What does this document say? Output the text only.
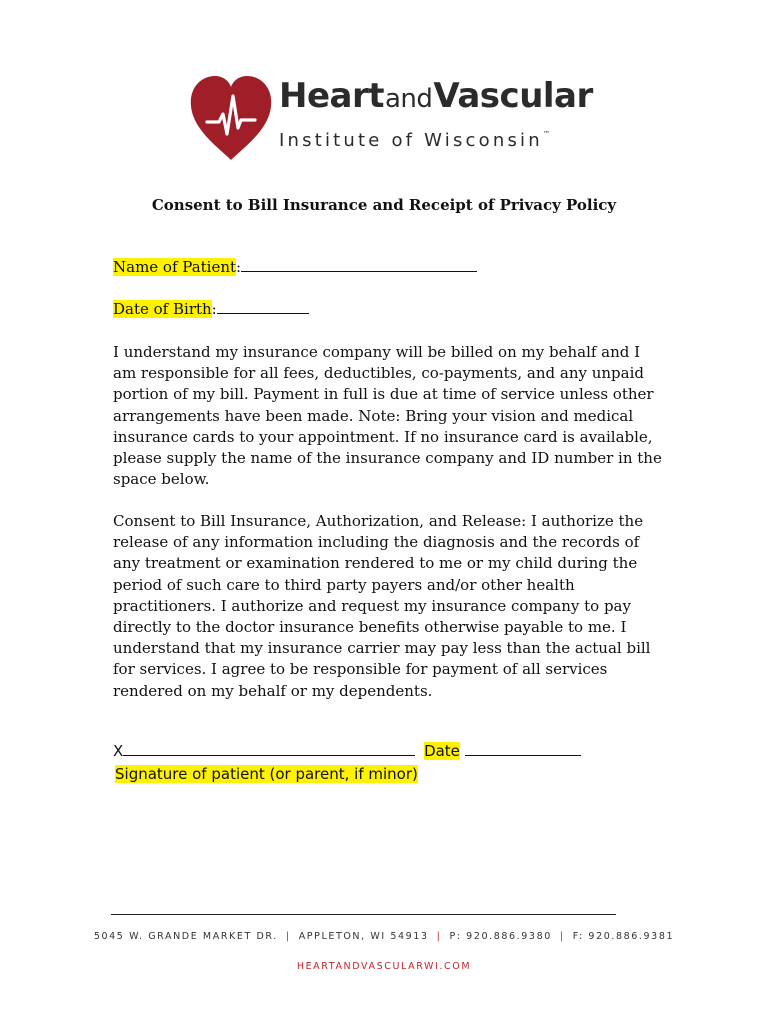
HeartandVascular
Institute of Wisconsin™
Consent to Bill Insurance and Receipt of Privacy Policy
Name of Patient:
Date of Birth:
I understand my insurance company will be billed on my behalf and I
am responsible for all fees, deductibles, co-payments, and any unpaid
portion of my bill. Payment in full is due at time of service unless other
arrangements have been made. Note: Bring your vision and medical
insurance cards to your appointment. If no insurance card is available,
please supply the name of the insurance company and ID number in the
space below.
Consent to Bill Insurance, Authorization, and Release: I authorize the
release of any information including the diagnosis and the records of
any treatment or examination rendered to me or my child during the
period of such care to third party payers and/or other health
practitioners. I authorize and request my insurance company to pay
directly to the doctor insurance benefits otherwise payable to me. I
understand that my insurance carrier may pay less than the actual bill
for services. I agree to be responsible for payment of all services
rendered on my behalf or my dependents.
X	Date
Signature of patient (or parent, if minor)
5045 W. GRANDE MARKET DR. | APPLETON, WI 54913 | P: 920.886.9380 | F: 920.886.9381
HEARTANDVASCULARWI.COM
